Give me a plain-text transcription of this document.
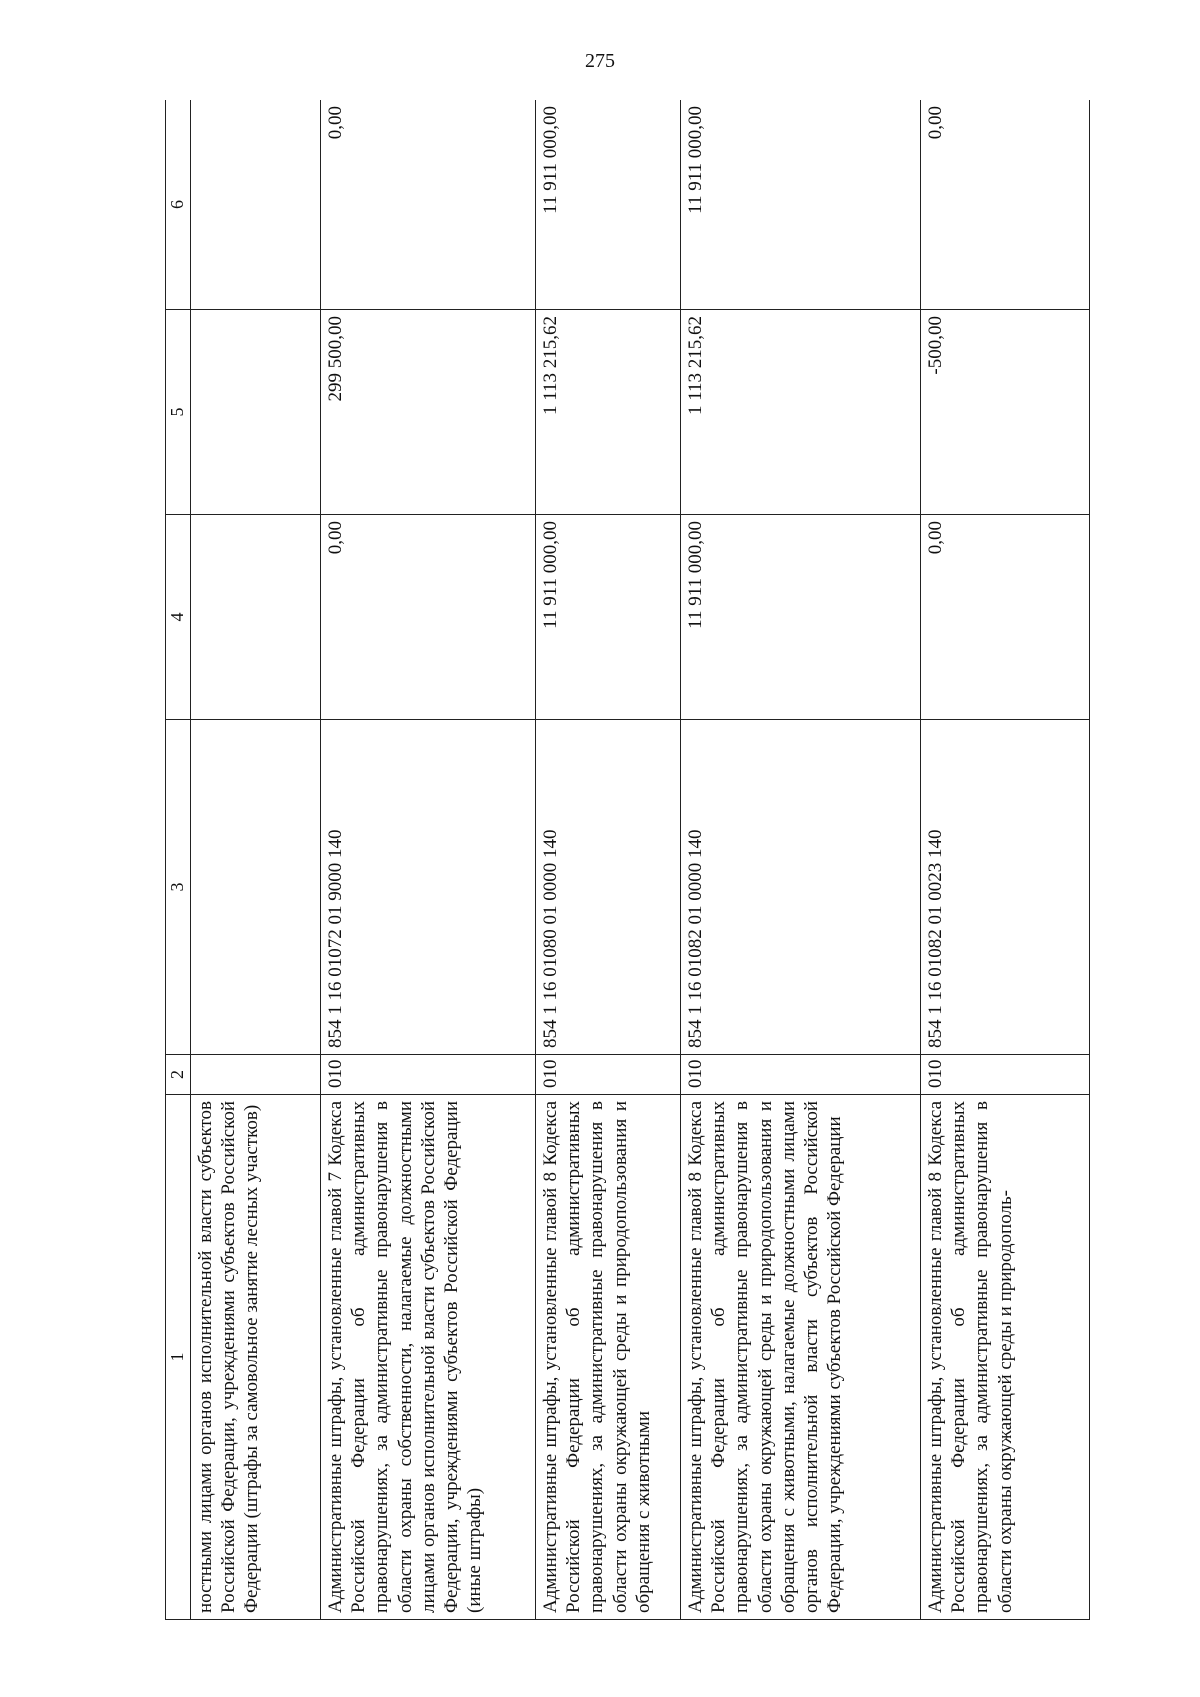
275
1	2	3	4	5	6
ностными лицами органов исполнительной власти субъектов Российской Федерации, учреждениями субъектов Российской Федерации (штрафы за самовольное занятие лесных участков)					
Административные штрафы, установленные главой 7 Кодекса Российской Федерации об административных правонарушениях, за административные правонарушения в области охраны собственности, налагаемые должностными лицами органов исполнительной власти субъектов Российской Федерации, учреждениями субъектов Российской Федерации (иные штрафы)	010	854 1 16 01072 01 9000 140	0,00	299 500,00	0,00
Административные штрафы, установленные главой 8 Кодекса Российской Федерации об административных правонарушениях, за административные правонарушения в области охраны окружающей среды и природопользования и обращения с животными	010	854 1 16 01080 01 0000 140	11 911 000,00	1 113 215,62	11 911 000,00
Административные штрафы, установленные главой 8 Кодекса Российской Федерации об административных правонарушениях, за административные правонарушения в области охраны окружающей среды и природопользования и обращения с животными, налагаемые должностными лицами органов исполнительной власти субъектов Российской Федерации, учреждениями субъектов Российской Федерации	010	854 1 16 01082 01 0000 140	11 911 000,00	1 113 215,62	11 911 000,00
Административные штрафы, установленные главой 8 Кодекса Российской Федерации об административных правонарушениях, за административные правонарушения в области охраны окружающей среды и природополь-	010	854 1 16 01082 01 0023 140	0,00	-500,00	0,00
